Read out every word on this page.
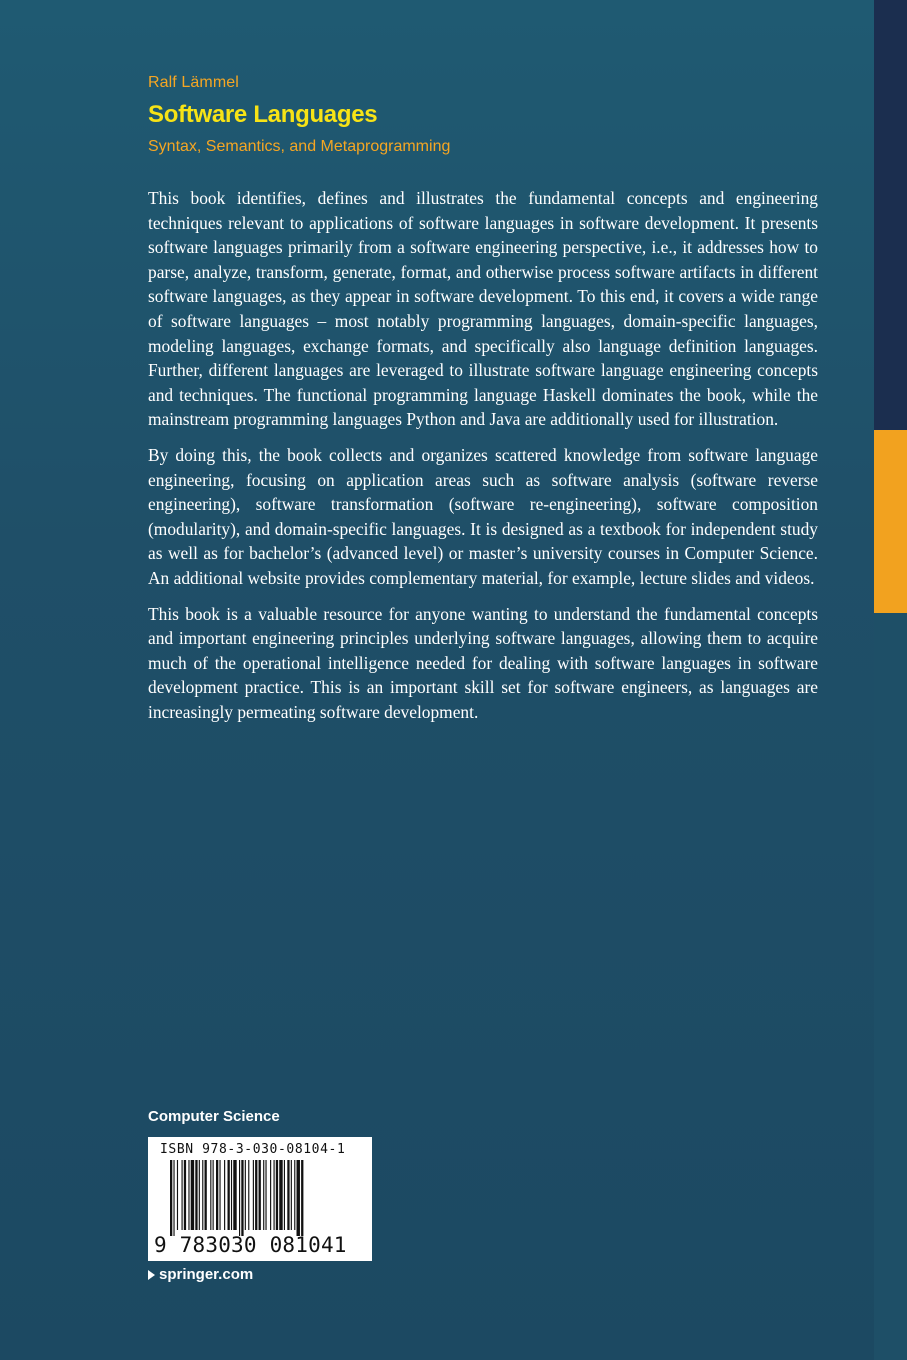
Ralf Lämmel
Software Languages
Syntax, Semantics, and Metaprogramming

This book identifies, defines and illustrates the fundamental concepts and engineering techniques relevant to applications of software languages in software development. It presents software languages primarily from a software engineering perspective, i.e., it addresses how to parse, analyze, transform, generate, format, and otherwise process software artifacts in different software languages, as they appear in software development. To this end, it covers a wide range of software languages – most notably programming languages, domain-specific languages, modeling languages, exchange formats, and specifically also language definition languages. Further, different languages are leveraged to illustrate software language engineering concepts and techniques. The functional programming language Haskell dominates the book, while the mainstream programming languages Python and Java are additionally used for illustration.

By doing this, the book collects and organizes scattered knowledge from software language engineering, focusing on application areas such as software analysis (software reverse engineering), software transformation (software re-engineering), software composition (modularity), and domain-specific languages. It is designed as a textbook for independent study as well as for bachelor’s (advanced level) or master’s university courses in Computer Science. An additional website provides complementary material, for example, lecture slides and videos.

This book is a valuable resource for anyone wanting to understand the fundamental concepts and important engineering principles underlying software languages, allowing them to acquire much of the operational intelligence needed for dealing with software languages in software development practice. This is an important skill set for software engineers, as languages are increasingly permeating software development.

Computer Science
ISBN 978-3-030-08104-1
9 783030 081041
springer.com
